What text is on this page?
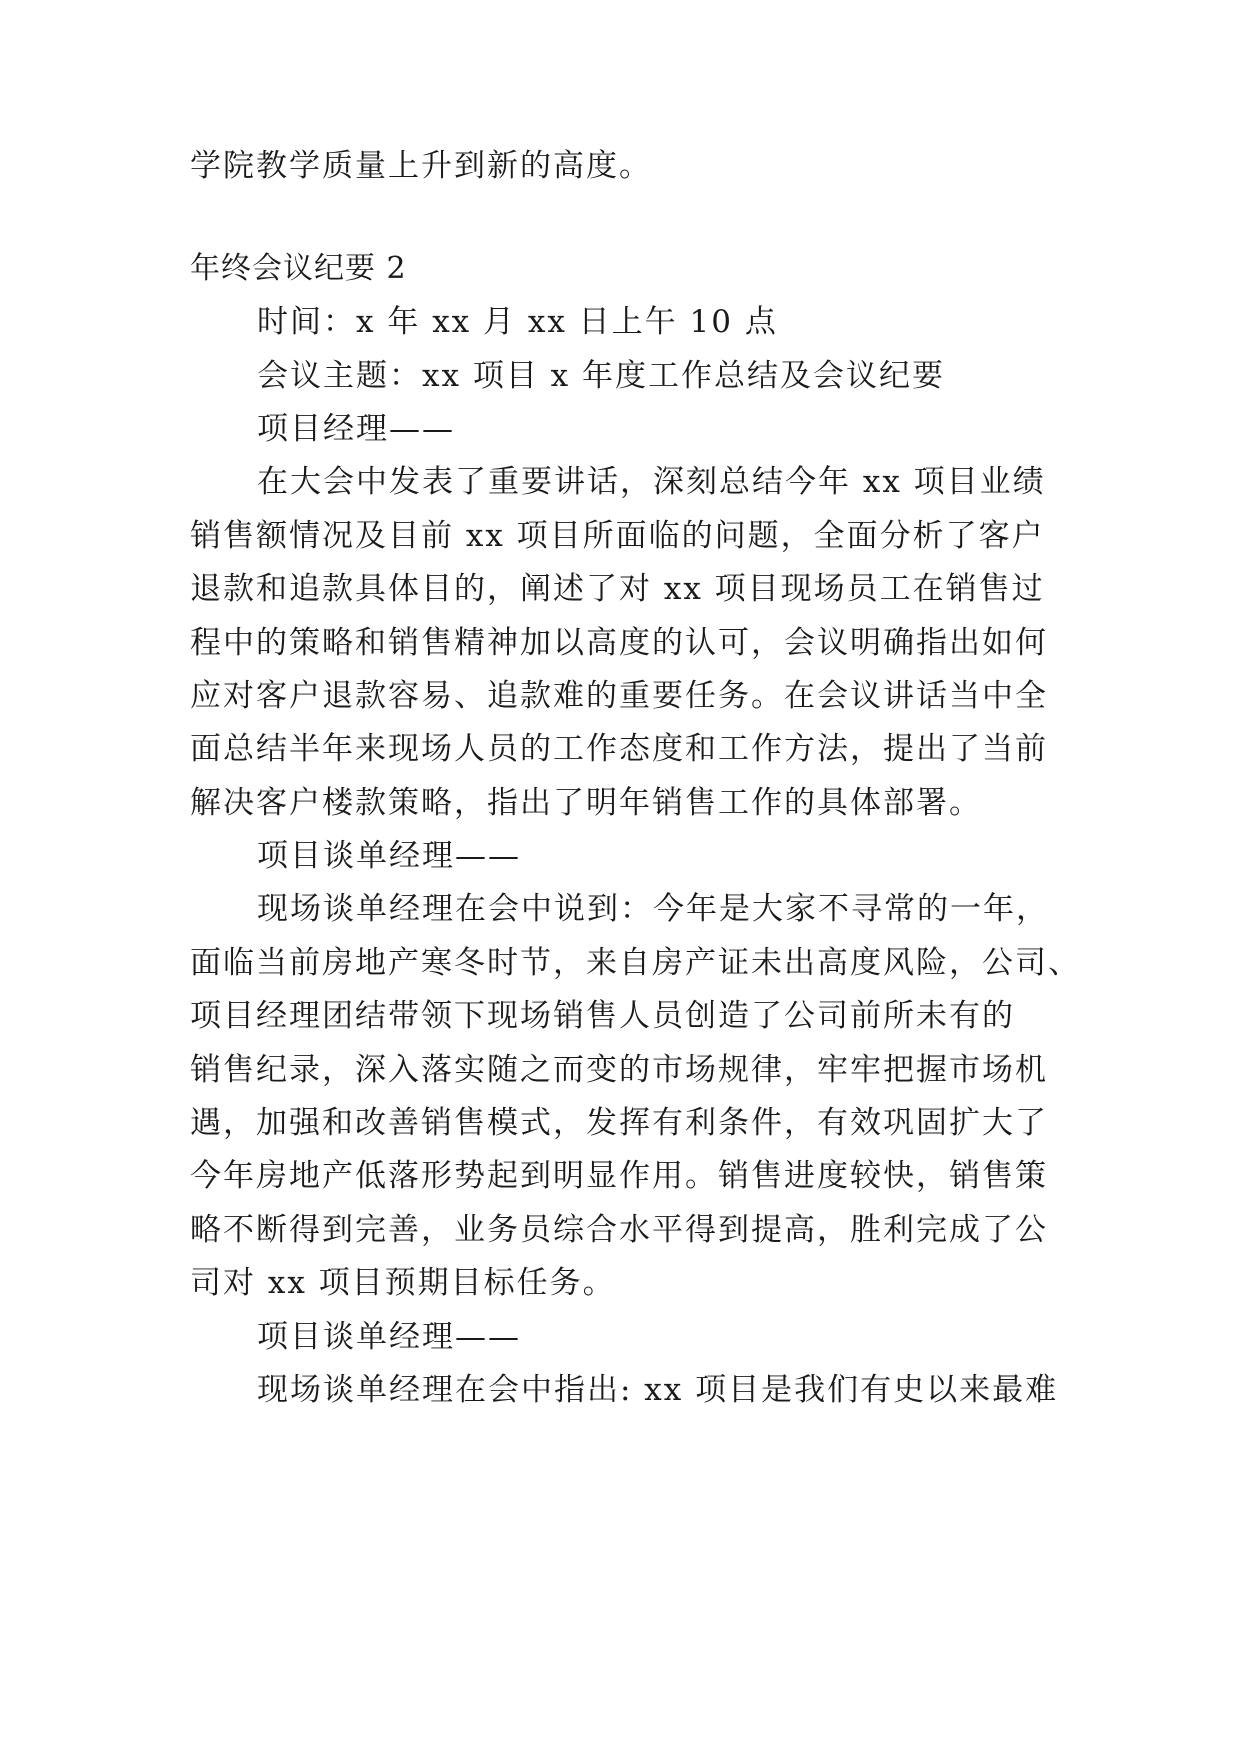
学院教学质量上升到新的高度。
年终会议纪要 2
时间：x 年 xx 月 xx 日上午 10 点
会议主题：xx 项目 x 年度工作总结及会议纪要
项目经理——
在大会中发表了重要讲话，深刻总结今年 xx 项目业绩
销售额情况及目前 xx 项目所面临的问题，全面分析了客户
退款和追款具体目的，阐述了对 xx 项目现场员工在销售过
程中的策略和销售精神加以高度的认可，会议明确指出如何
应对客户退款容易、追款难的重要任务。在会议讲话当中全
面总结半年来现场人员的工作态度和工作方法，提出了当前
解决客户楼款策略，指出了明年销售工作的具体部署。
项目谈单经理——
现场谈单经理在会中说到：今年是大家不寻常的一年，
面临当前房地产寒冬时节，来自房产证未出高度风险，公司、
项目经理团结带领下现场销售人员创造了公司前所未有的
销售纪录，深入落实随之而变的市场规律，牢牢把握市场机
遇，加强和改善销售模式，发挥有利条件，有效巩固扩大了
今年房地产低落形势起到明显作用。销售进度较快，销售策
略不断得到完善，业务员综合水平得到提高，胜利完成了公
司对 xx 项目预期目标任务。
项目谈单经理——
现场谈单经理在会中指出: xx 项目是我们有史以来最难
